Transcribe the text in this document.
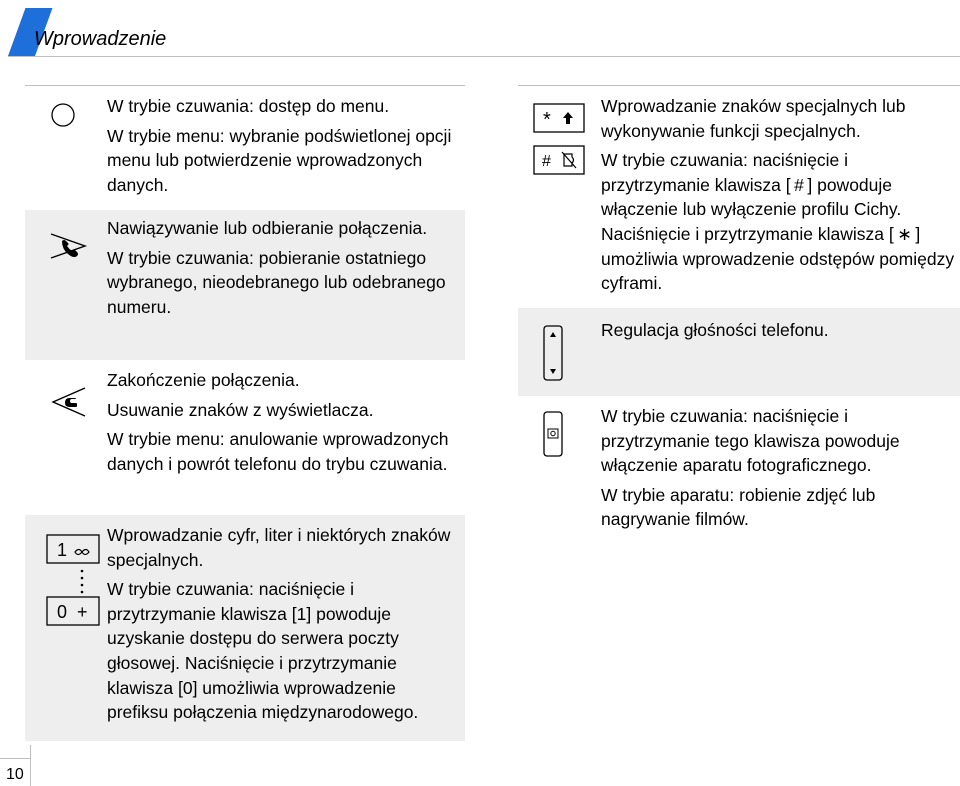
Wprowadzenie

W trybie czuwania: dostęp do menu.

W trybie menu: wybranie podświetlonej opcji menu lub potwierdzenie wprowadzonych danych.

Nawiązywanie lub odbieranie połączenia.

W trybie czuwania: pobieranie ostatniego wybranego, nieodebranego lub odebranego numeru.

Zakończenie połączenia.

Usuwanie znaków z wyświetlacza.

W trybie menu: anulowanie wprowadzonych danych i powrót telefonu do trybu czuwania.

1
0 +

Wprowadzanie cyfr, liter i niektórych znaków specjalnych.

W trybie czuwania: naciśnięcie i przytrzymanie klawisza [1] powoduje uzyskanie dostępu do serwera poczty głosowej. Naciśnięcie i przytrzymanie klawisza [0] umożliwia wprowadzenie prefiksu połączenia międzynarodowego.

*
#

Wprowadzanie znaków specjalnych lub wykonywanie funkcji specjalnych.

W trybie czuwania: naciśnięcie i przytrzymanie klawisza [ # ] powoduje włączenie lub wyłączenie profilu Cichy. Naciśnięcie i przytrzymanie klawisza [ ∗ ] umożliwia wprowadzenie odstępów pomiędzy cyframi.

Regulacja głośności telefonu.

W trybie czuwania: naciśnięcie i przytrzymanie tego klawisza powoduje włączenie aparatu fotograficznego.

W trybie aparatu: robienie zdjęć lub nagrywanie filmów.

10
